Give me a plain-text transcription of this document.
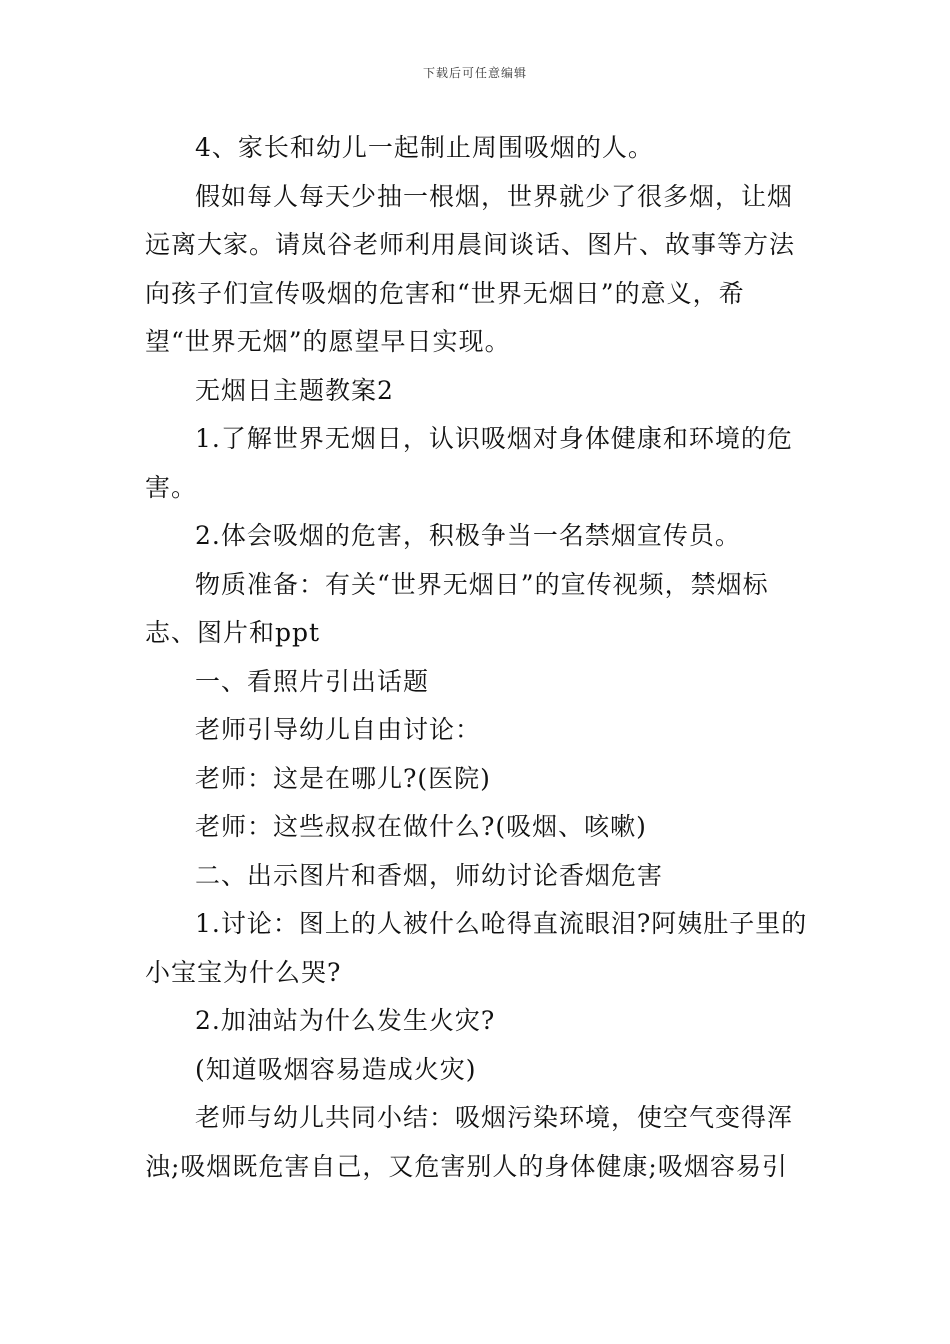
下载后可任意编辑

4、家长和幼儿一起制止周围吸烟的人。

假如每人每天少抽一根烟，世界就少了很多烟，让烟远离大家。请岚谷老师利用晨间谈话、图片、故事等方法向孩子们宣传吸烟的危害和“世界无烟日”的意义，希望“世界无烟”的愿望早日实现。

无烟日主题教案2

1.了解世界无烟日，认识吸烟对身体健康和环境的危害。

2.体会吸烟的危害，积极争当一名禁烟宣传员。

物质准备：有关“世界无烟日”的宣传视频，禁烟标志、图片和ppt

一、看照片引出话题

老师引导幼儿自由讨论：

老师：这是在哪儿?(医院)

老师：这些叔叔在做什么?(吸烟、咳嗽)

二、出示图片和香烟，师幼讨论香烟危害

1.讨论：图上的人被什么呛得直流眼泪?阿姨肚子里的小宝宝为什么哭?

2.加油站为什么发生火灾?

(知道吸烟容易造成火灾)

老师与幼儿共同小结：吸烟污染环境，使空气变得浑浊;吸烟既危害自己，又危害别人的身体健康;吸烟容易引
